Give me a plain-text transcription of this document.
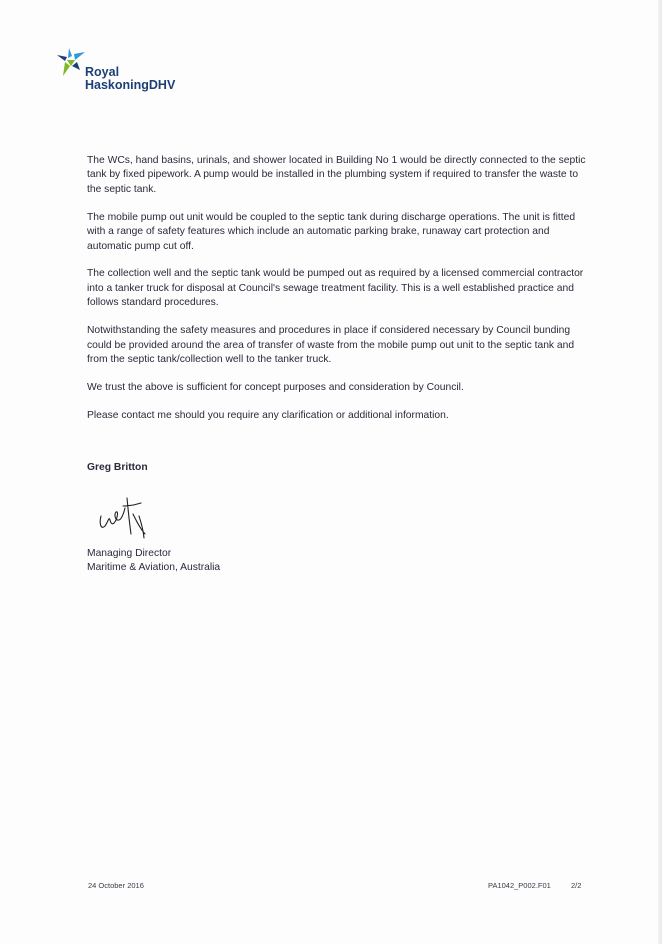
Royal
HaskoningDHV

The WCs, hand basins, urinals, and shower located in Building No 1 would be directly connected to the septic tank by fixed pipework. A pump would be installed in the plumbing system if required to transfer the waste to the septic tank.

The mobile pump out unit would be coupled to the septic tank during discharge operations. The unit is fitted with a range of safety features which include an automatic parking brake, runaway cart protection and automatic pump cut off.

The collection well and the septic tank would be pumped out as required by a licensed commercial contractor into a tanker truck for disposal at Council's sewage treatment facility. This is a well established practice and follows standard procedures.

Notwithstanding the safety measures and procedures in place if considered necessary by Council bunding could be provided around the area of transfer of waste from the mobile pump out unit to the septic tank and from the septic tank/collection well to the tanker truck.

We trust the above is sufficient for concept purposes and consideration by Council.

Please contact me should you require any clarification or additional information.

Greg Britton
Managing Director
Maritime & Aviation, Australia
24 October 2016	PA1042_P002.F01	2/2
